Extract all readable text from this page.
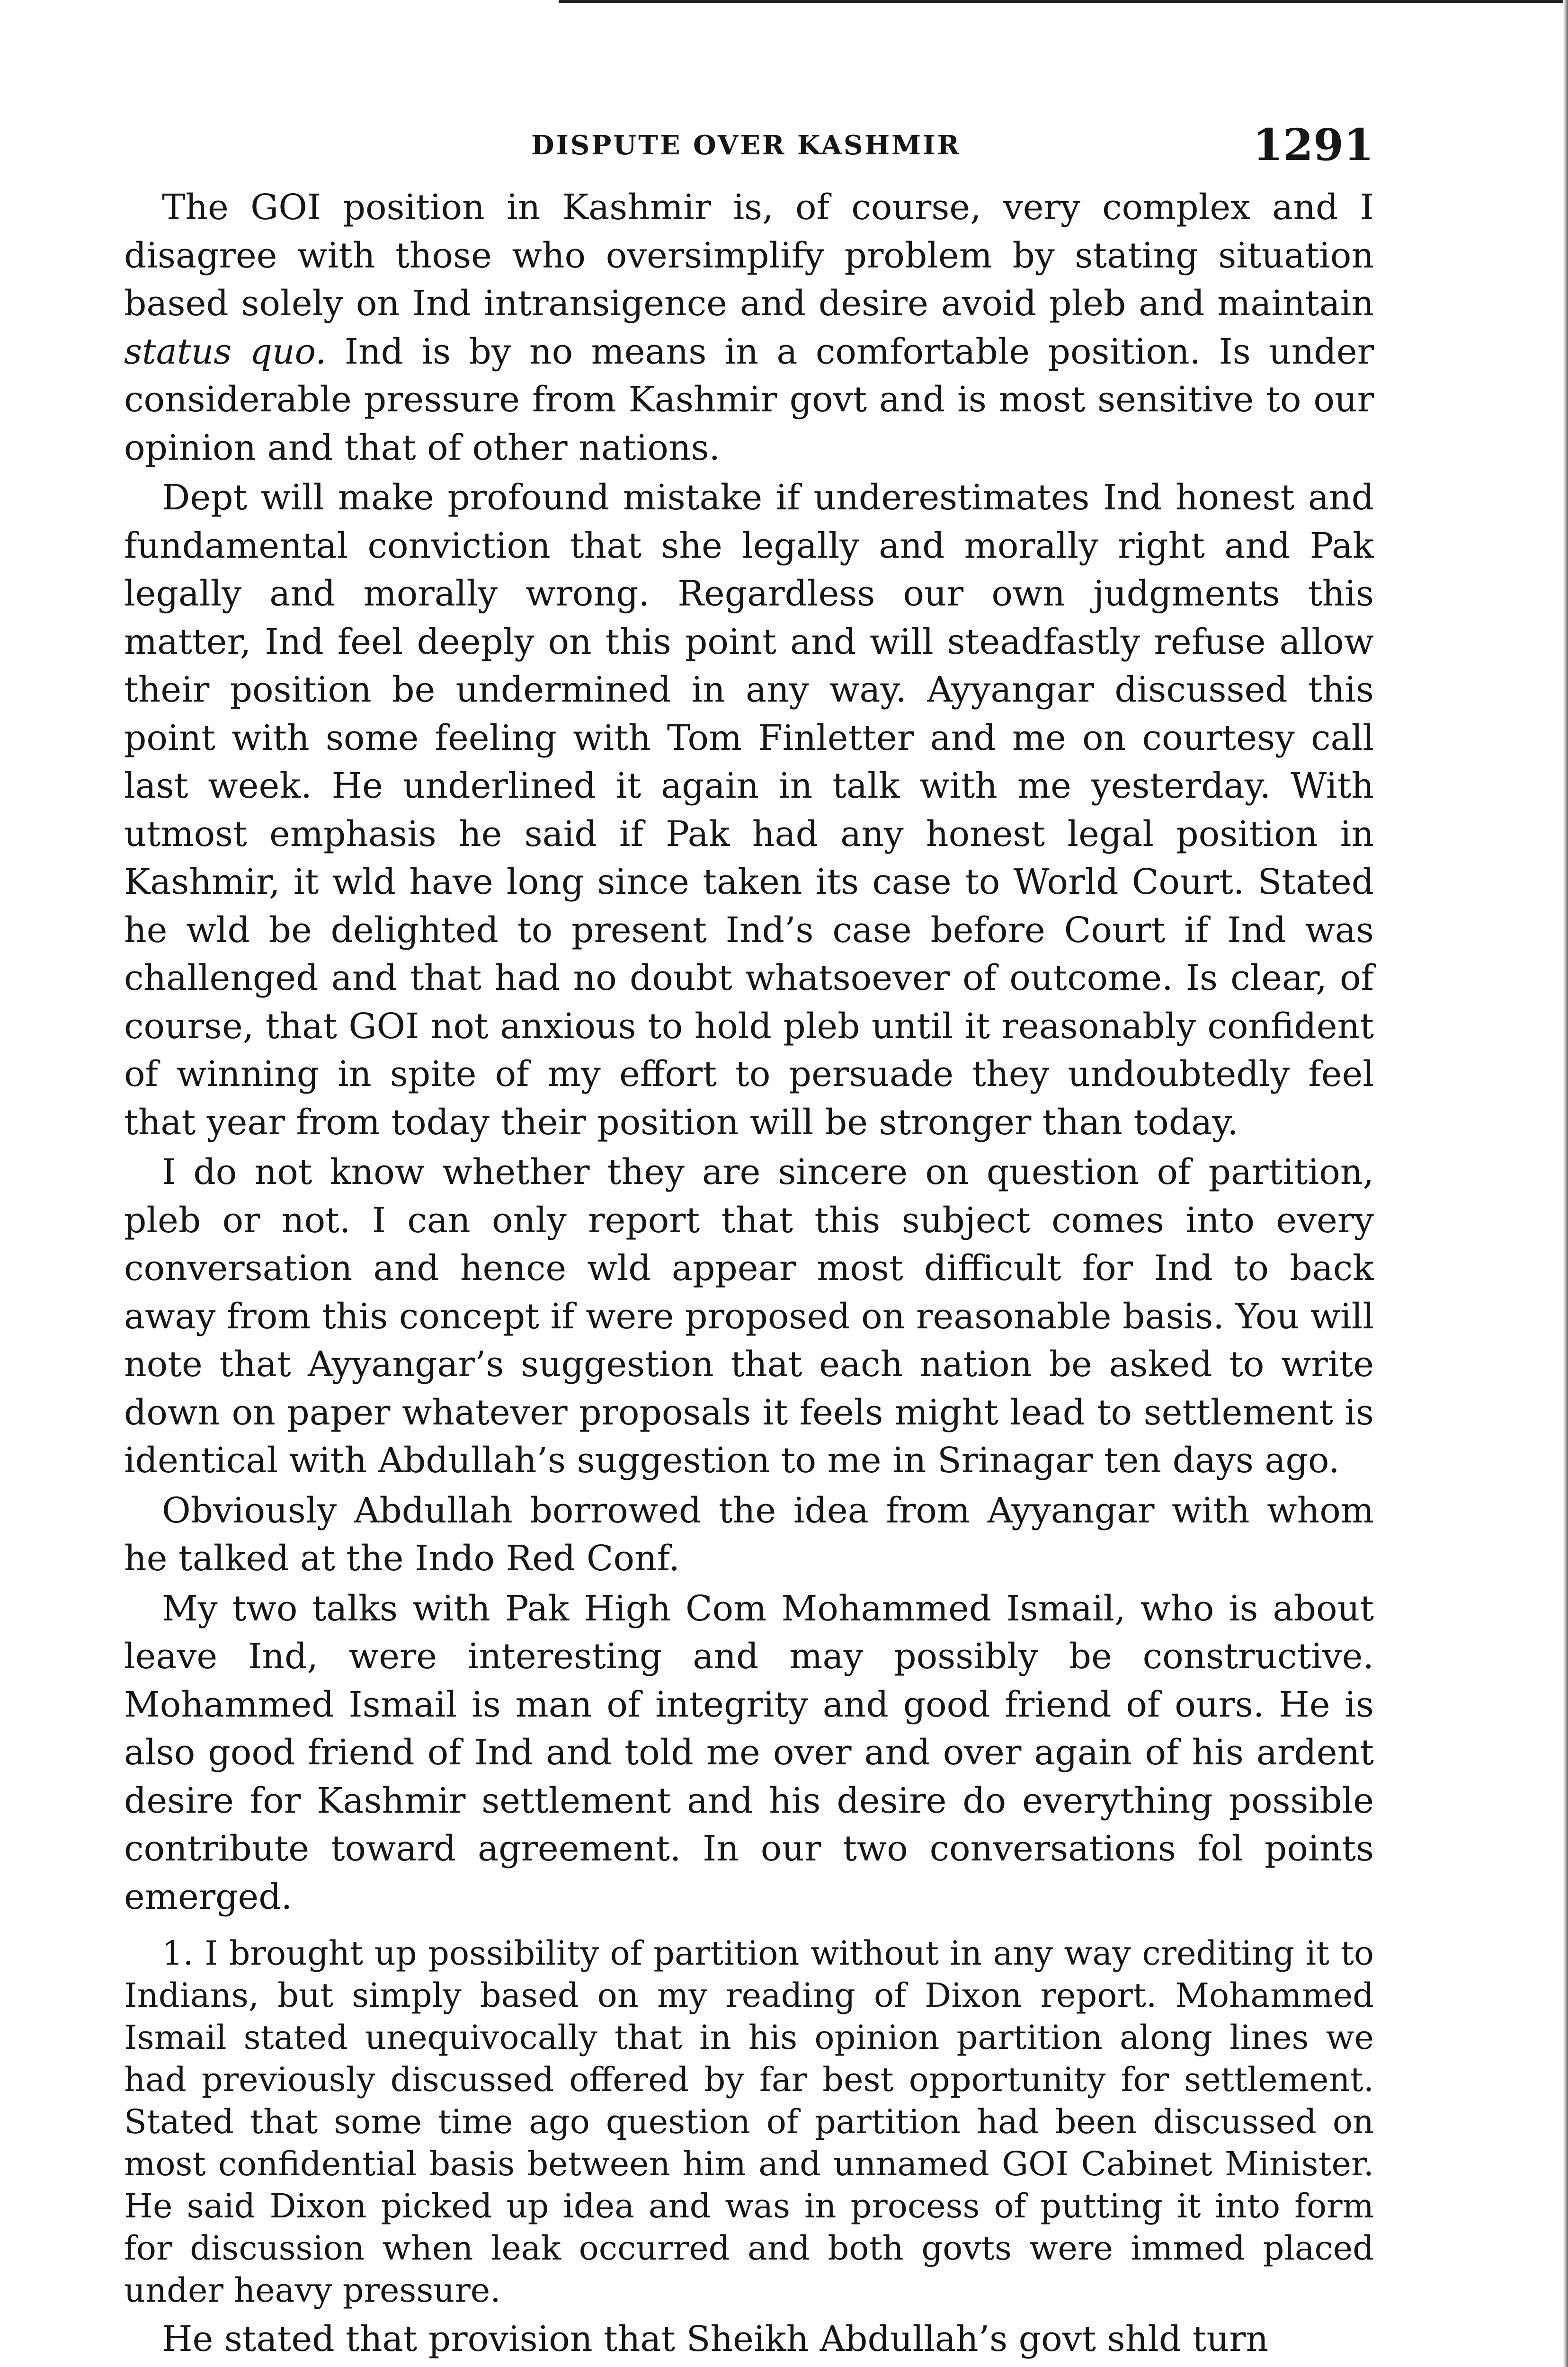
DISPUTE OVER KASHMIR	1291

The GOI position in Kashmir is, of course, very complex and I disagree with those who oversimplify problem by stating situation based solely on Ind intransigence and desire avoid pleb and maintain status quo. Ind is by no means in a comfortable position. Is under considerable pressure from Kashmir govt and is most sensitive to our opinion and that of other nations.

Dept will make profound mistake if underestimates Ind honest and fundamental conviction that she legally and morally right and Pak legally and morally wrong. Regardless our own judgments this matter, Ind feel deeply on this point and will steadfastly refuse allow their position be undermined in any way. Ayyangar discussed this point with some feeling with Tom Finletter and me on courtesy call last week. He underlined it again in talk with me yesterday. With utmost emphasis he said if Pak had any honest legal position in Kashmir, it wld have long since taken its case to World Court. Stated he wld be delighted to present Ind’s case before Court if Ind was challenged and that had no doubt whatsoever of outcome. Is clear, of course, that GOI not anxious to hold pleb until it reasonably confident of winning in spite of my effort to persuade they undoubtedly feel that year from today their position will be stronger than today.

I do not know whether they are sincere on question of partition, pleb or not. I can only report that this subject comes into every conversation and hence wld appear most difficult for Ind to back away from this concept if were proposed on reasonable basis. You will note that Ayyangar’s suggestion that each nation be asked to write down on paper whatever proposals it feels might lead to settlement is identical with Abdullah’s suggestion to me in Srinagar ten days ago.

Obviously Abdullah borrowed the idea from Ayyangar with whom he talked at the Indo Red Conf.

My two talks with Pak High Com Mohammed Ismail, who is about leave Ind, were interesting and may possibly be constructive. Mohammed Ismail is man of integrity and good friend of ours. He is also good friend of Ind and told me over and over again of his ardent desire for Kashmir settlement and his desire do everything possible contribute toward agreement. In our two conversations fol points emerged.

1. I brought up possibility of partition without in any way crediting it to Indians, but simply based on my reading of Dixon report. Mohammed Ismail stated unequivocally that in his opinion partition along lines we had previously discussed offered by far best opportunity for settlement. Stated that some time ago question of partition had been discussed on most confidential basis between him and unnamed GOI Cabinet Minister. He said Dixon picked up idea and was in process of putting it into form for discussion when leak occurred and both govts were immed placed under heavy pressure.

He stated that provision that Sheikh Abdullah’s govt shld turn
